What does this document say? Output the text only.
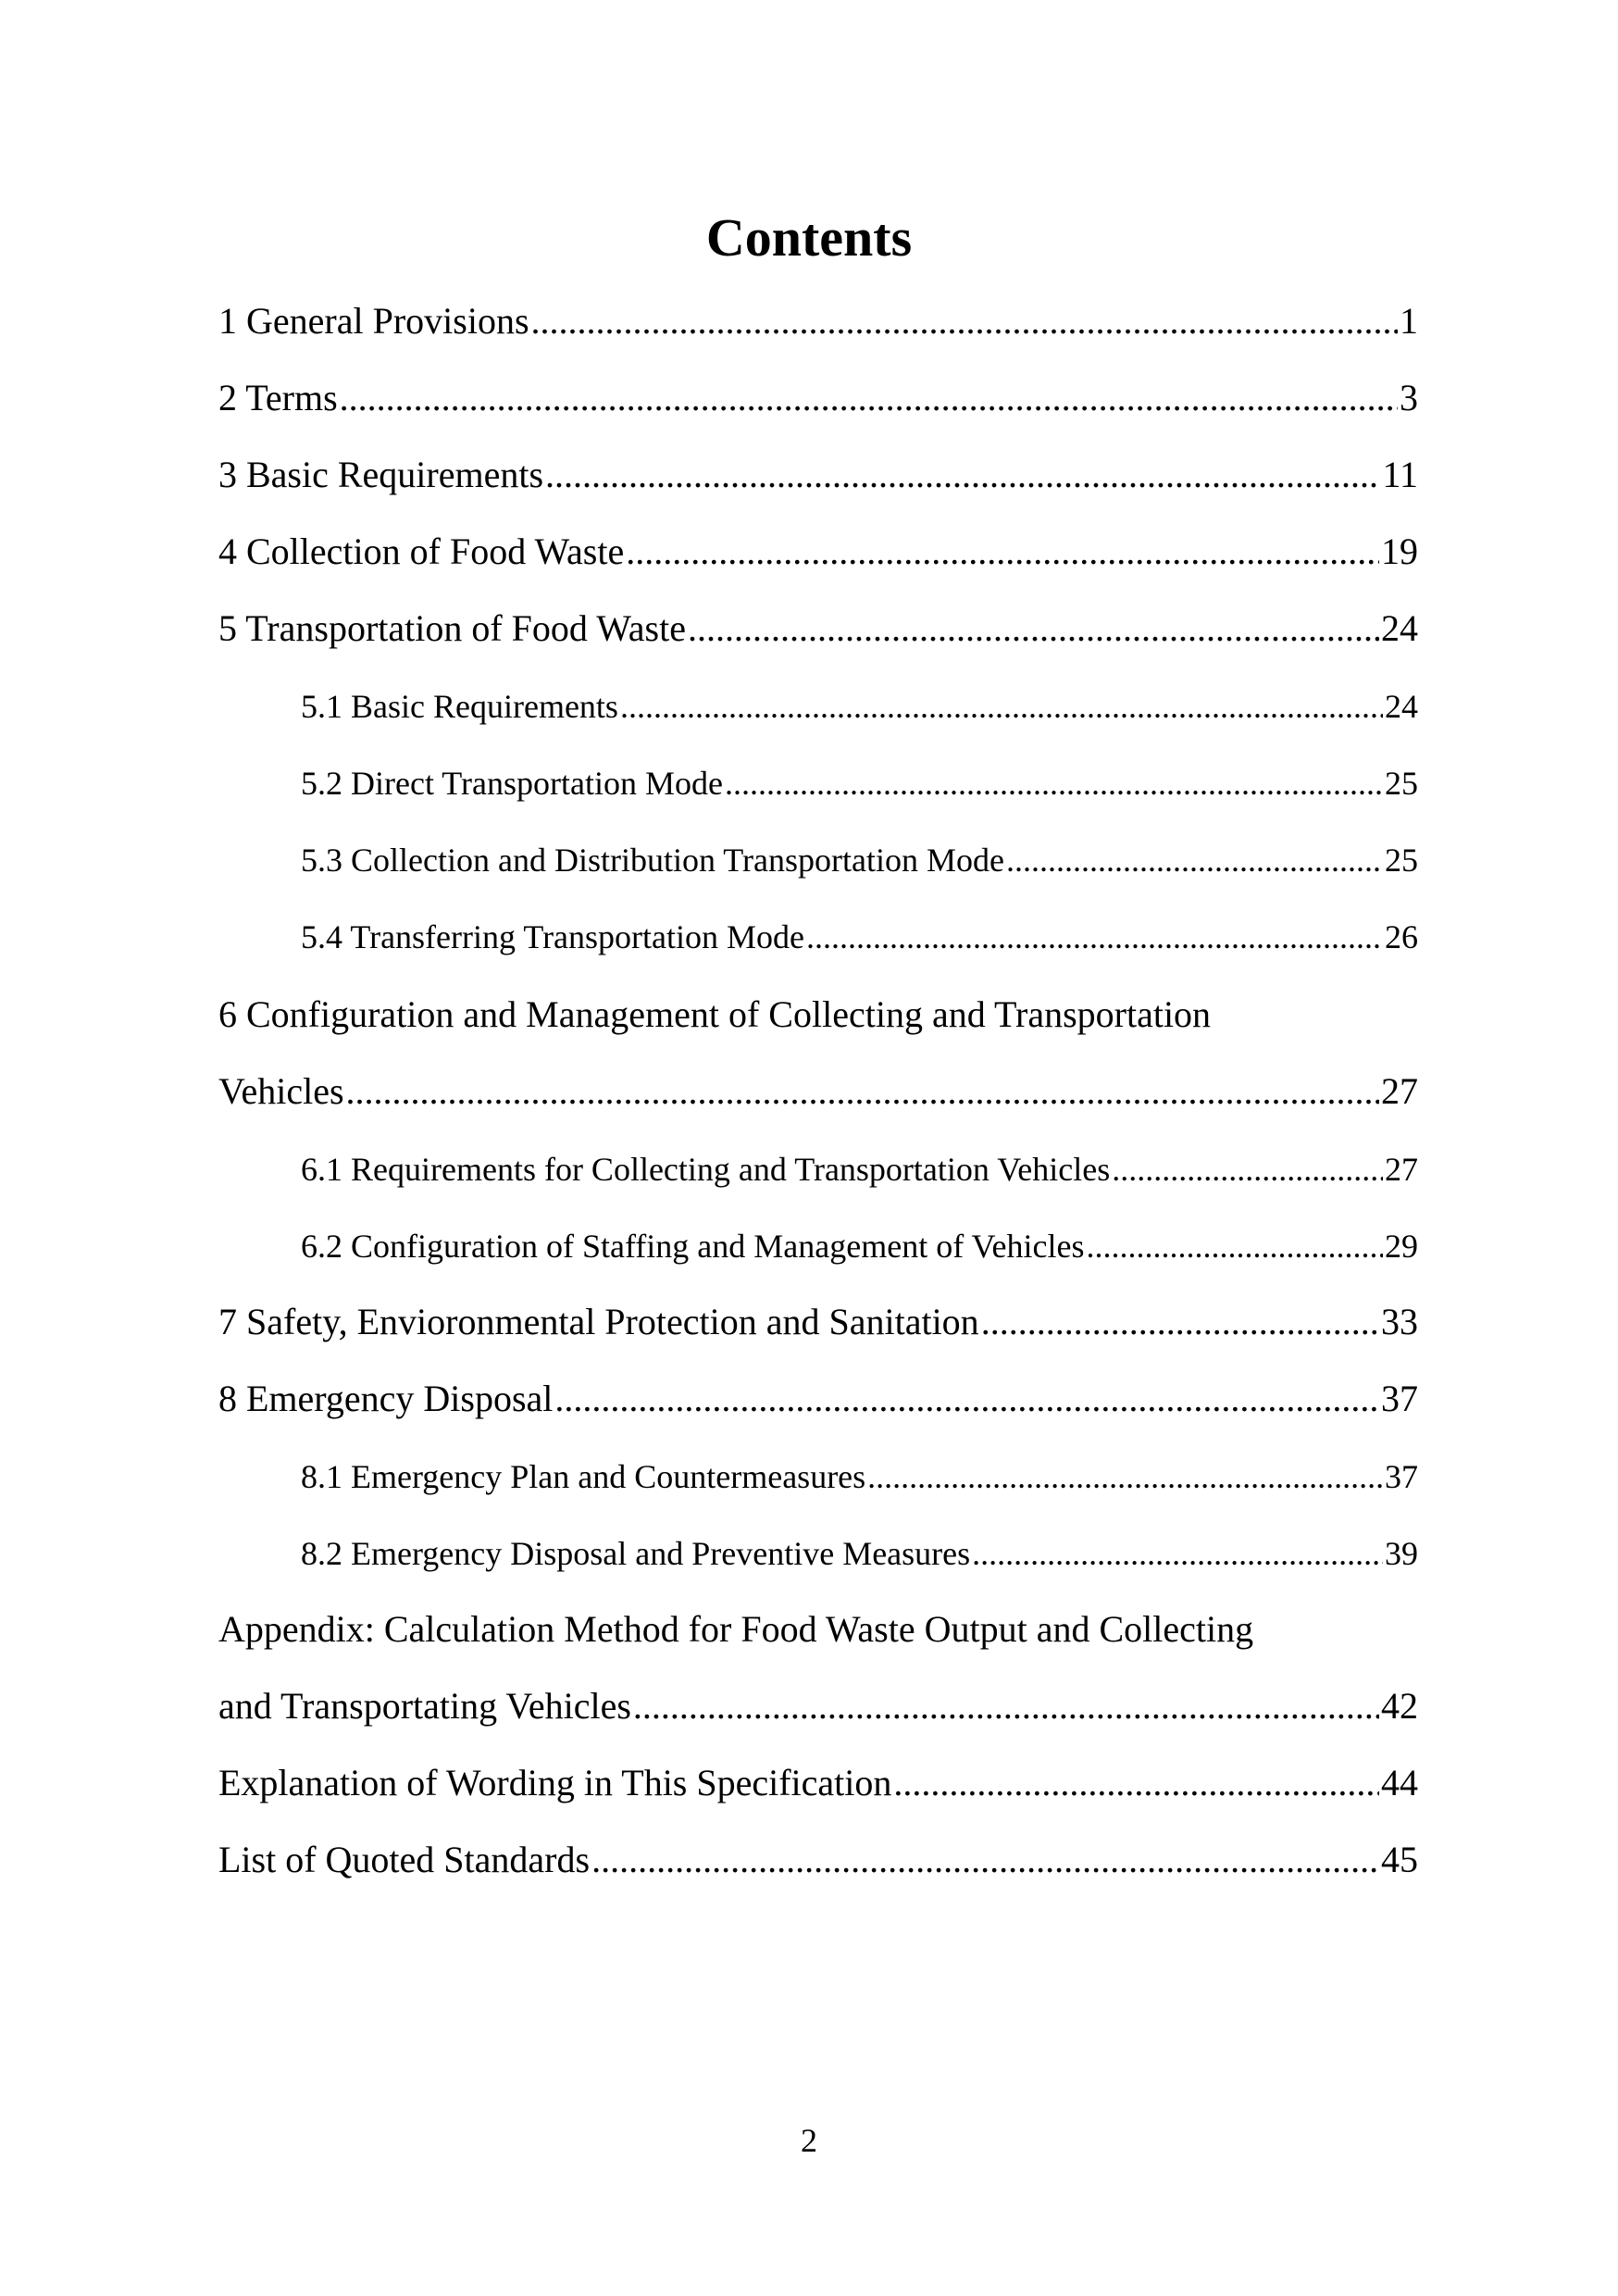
Contents
1 General Provisions .....	1
2 Terms .....	3
3 Basic Requirements .....	11
4 Collection of Food Waste .....	19
5 Transportation of Food Waste .....	24
5.1 Basic Requirements .....	24
5.2 Direct Transportation Mode .....	25
5.3 Collection and Distribution Transportation Mode .....	25
5.4 Transferring Transportation Mode .....	26
6 Configuration and Management of Collecting and Transportation
Vehicles .....	27
6.1 Requirements for Collecting and Transportation Vehicles .....	27
6.2 Configuration of Staffing and Management of Vehicles .....	29
7 Safety, Envioronmental Protection and Sanitation .....	33
8 Emergency Disposal .....	37
8.1 Emergency Plan and Countermeasures .....	37
8.2 Emergency Disposal and Preventive Measures .....	39
Appendix: Calculation Method for Food Waste Output and Collecting
and Transportating Vehicles .....	42
Explanation of Wording in This Specification .....	44
List of Quoted Standards .....	45
2
